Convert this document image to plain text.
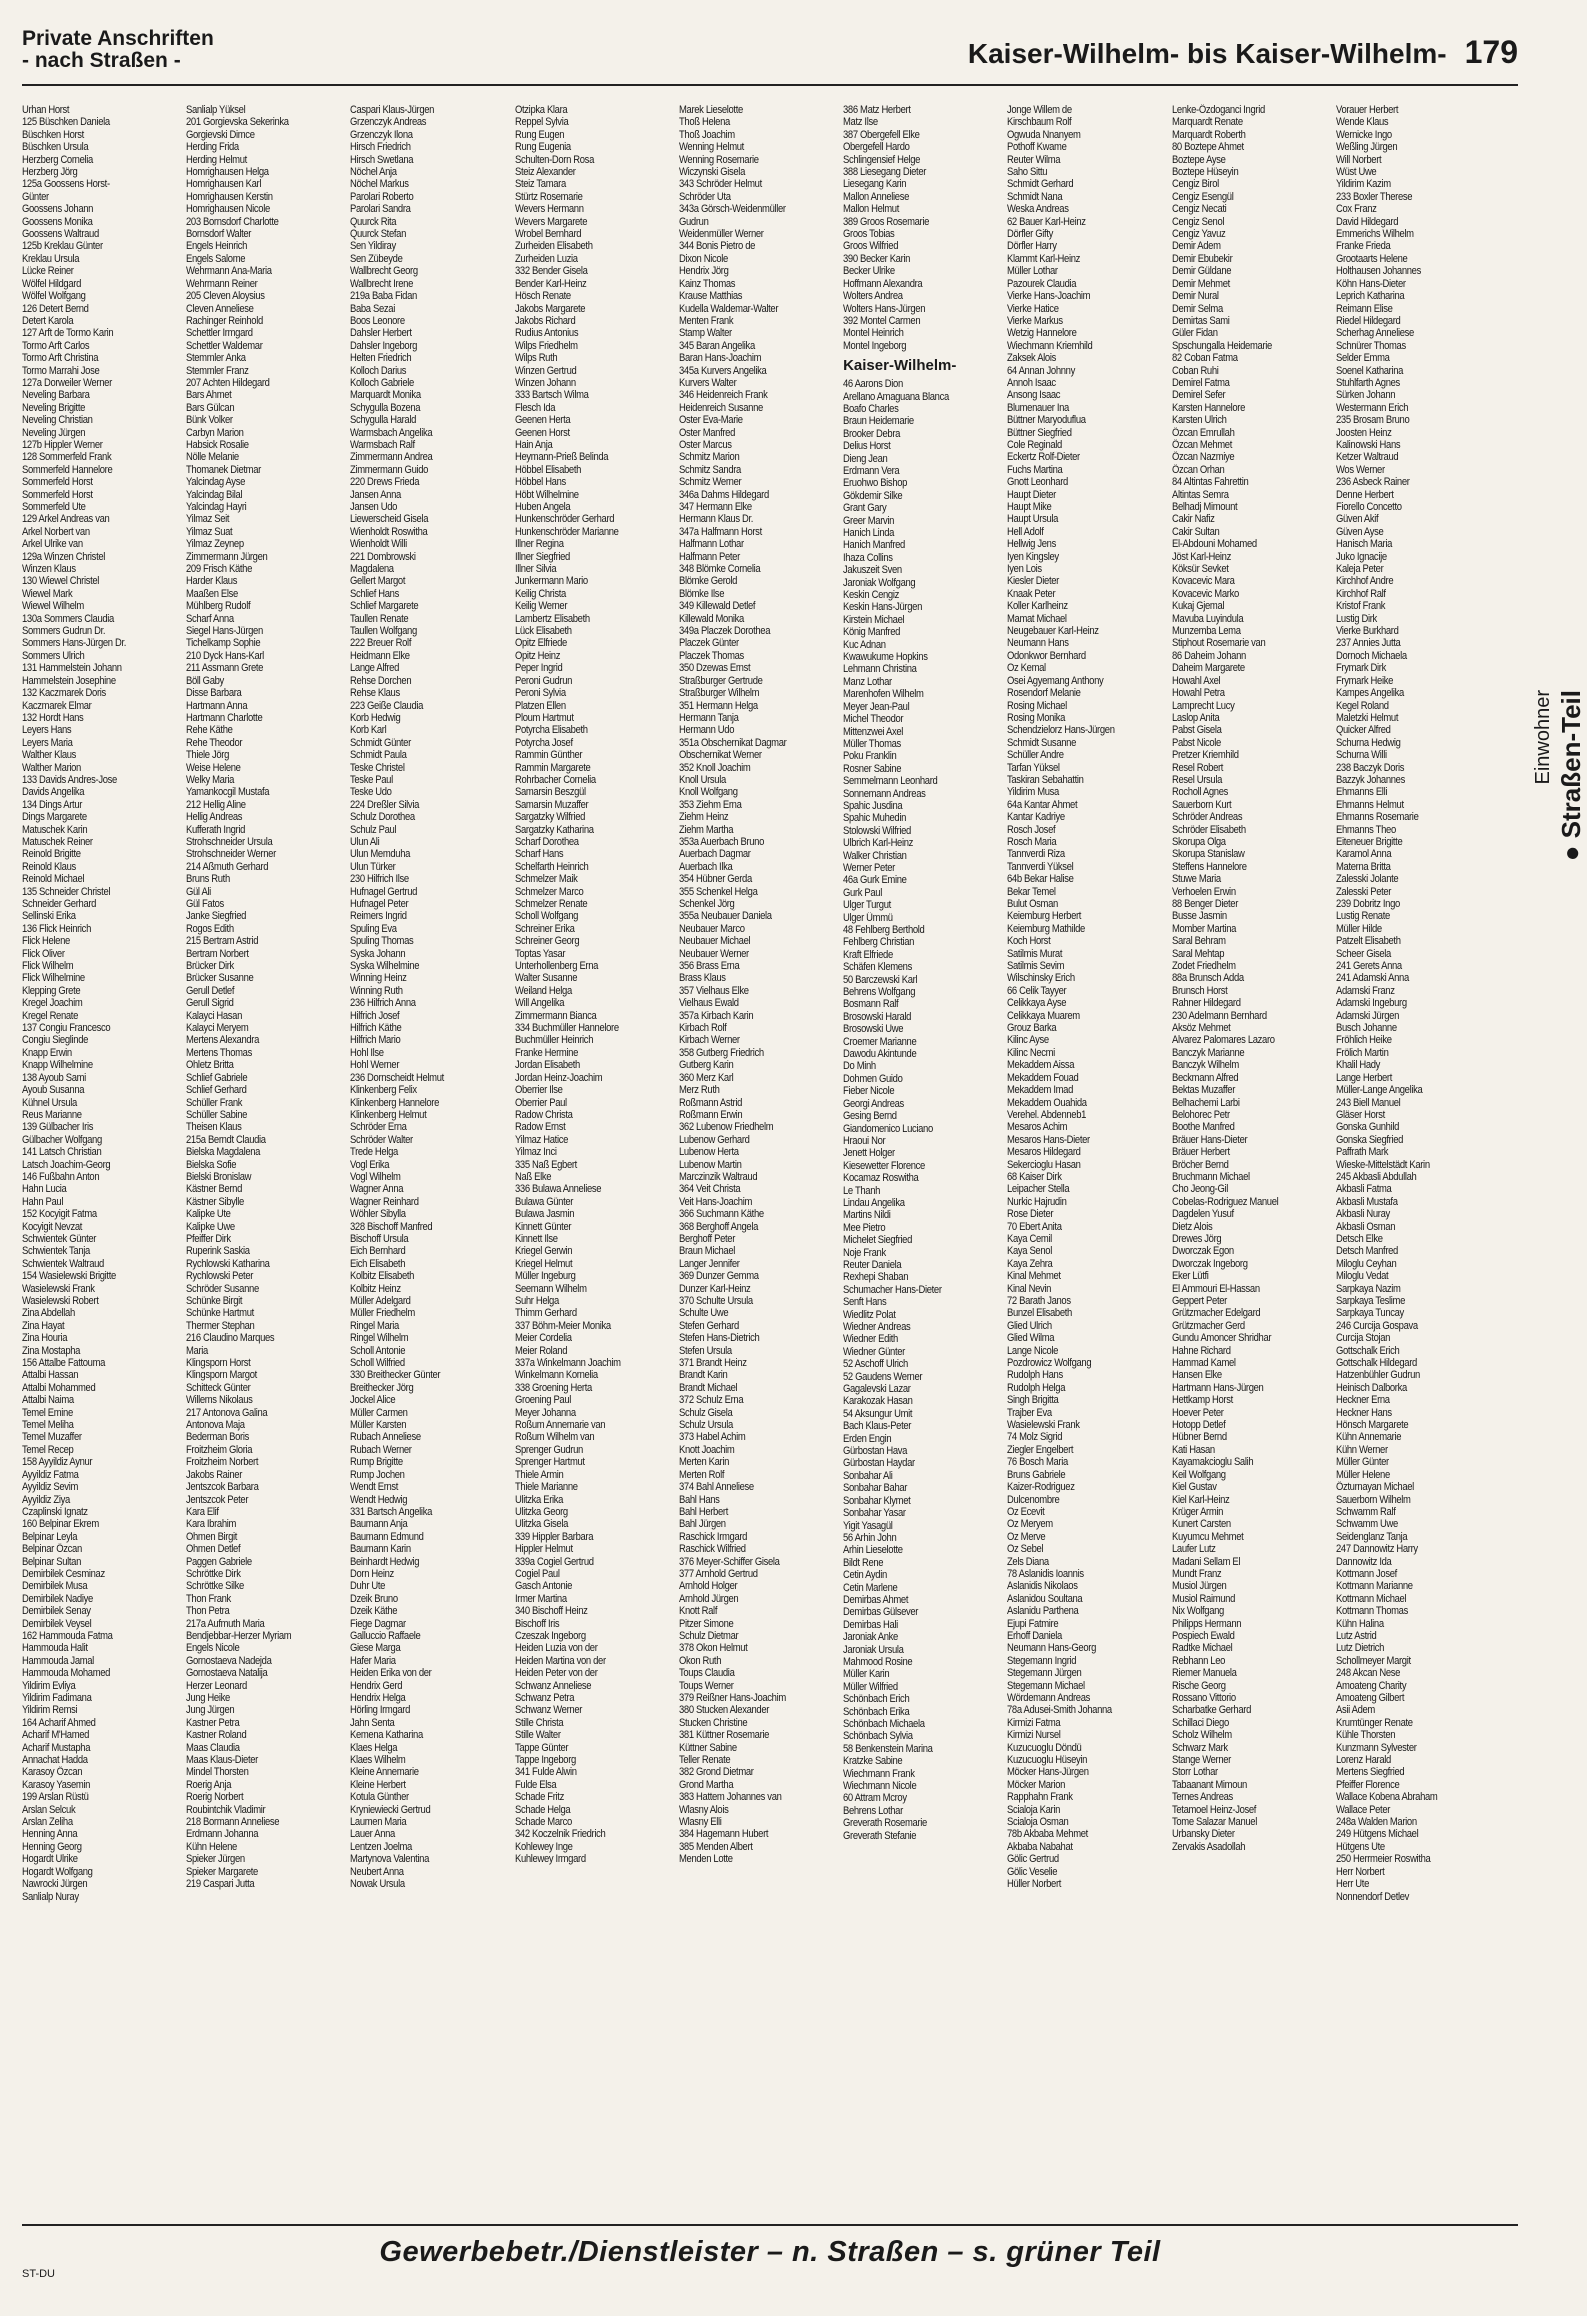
Private Anschriften
- nach Straßen -	Kaiser-Wilhelm- bis Kaiser-Wilhelm- 179
Urhan Horst
125 Büschken Daniela
Büschken Horst
Büschken Ursula
Herzberg Cornelia
Herzberg Jörg
125a Goossens Horst-
Günter
Goossens Johann
Goossens Monika
Goossens Waltraud
125b Kreklau Günter
Kreklau Ursula
Lücke Reiner
Wölfel Hildgard
Wölfel Wolfgang
126 Detert Bernd
Detert Karola
127 Arft de Tormo Karin
Tormo Arft Carlos
Tormo Arft Christina
Tormo Marrahi Jose
127a Dorweiler Werner
Neveling Barbara
Neveling Brigitte
Neveling Christian
Neveling Jürgen
127b Hippler Werner
128 Sommerfeld Frank
Sommerfeld Hannelore
Sommerfeld Horst
Sommerfeld Horst
Sommerfeld Ute
129 Arkel Andreas van
Arkel Norbert van
Arkel Ulrike van
129a Winzen Christel
Winzen Klaus
130 Wiewel Christel
Wiewel Mark
Wiewel Wilhelm
130a Sommers Claudia
Sommers Gudrun Dr.
Sommers Hans-Jürgen Dr.
Sommers Ulrich
131 Hammelstein Johann
Hammelstein Josephine
132 Kaczmarek Doris
Kaczmarek Elmar
132 Hordt Hans
Leyers Hans
Leyers Maria
Walther Klaus
Walther Marion
133 Davids Andres-Jose
Davids Angelika
134 Dings Artur
Dings Margarete
Matuschek Karin
Matuschek Reiner
Reinold Brigitte
Reinold Klaus
Reinold Michael
135 Schneider Christel
Schneider Gerhard
Sellinski Erika
136 Flick Heinrich
Flick Helene
Flick Oliver
Flick Wilhelm
Flick Wilhelmine
Klepping Grete
Kregel Joachim
Kregel Renate
137 Congiu Francesco
Congiu Sieglinde
Knapp Erwin
Knapp Wilhelmine
138 Ayoub Sami
Ayoub Susanna
Kühnel Ursula
Reus Marianne
139 Gülbacher Iris
Gülbacher Wolfgang
141 Latsch Christian
Latsch Joachim-Georg
146 Fußbahn Anton
Hahn Lucia
Hahn Paul
152 Kocyigit Fatma
Kocyigit Nevzat
Schwientek Günter
Schwientek Tanja
Schwientek Waltraud
154 Wasielewski Brigitte
Wasielewski Frank
Wasielewski Robert
Zina Abdellah
Zina Hayat
Zina Houria
Zina Mostapha
156 Attalbe Fattouma
Attalbi Hassan
Attalbi Mohammed
Attalbi Naima
Temel Emine
Temel Meliha
Temel Muzaffer
Temel Recep
158 Ayyildiz Aynur
Ayyildiz Fatma
Ayyildiz Sevim
Ayyildiz Ziya
Czaplinski Ignatz
160 Belpinar Ekrem
Belpinar Leyla
Belpinar Özcan
Belpinar Sultan
Demirbilek Cesminaz
Demirbilek Musa
Demirbilek Nadiye
Demirbilek Senay
Demirbilek Veysel
162 Hammouda Fatma
Hammouda Halit
Hammouda Jamal
Hammouda Mohamed
Yildirim Evliya
Yildirim Fadimana
Yildirim Remsi
164 Acharif Ahmed
Acharif M'Hamed
Acharif Mustapha
Annachat Hadda
Karasoy Özcan
Karasoy Yasemin
199 Arslan Rüstü
Arslan Selcuk
Arslan Zeliha
Henning Anna
Henning Georg
Hogardt Ulrike
Hogardt Wolfgang
Nawrocki Jürgen
Sanlialp Nuray
Sanlialp Yüksel
201 Gorgievska Sekerinka
Gorgievski Dimce
Herding Frida
Herding Helmut
Homrighausen Helga
Homrighausen Karl
Homrighausen Kerstin
Homrighausen Nicole
203 Bornsdorf Charlotte
Bornsdorf Walter
Engels Heinrich
Engels Salome
Wehrmann Ana-Maria
Wehrmann Reiner
205 Cleven Aloysius
Cleven Anneliese
Rachinger Reinhold
Schettler Irmgard
Schettler Waldemar
Stemmler Anka
Stemmler Franz
207 Achten Hildegard
Bars Ahmet
Bars Gülcan
Bünk Volker
Carbyn Marion
Habsick Rosalie
Nölle Melanie
Thomanek Dietmar
Yalcindag Ayse
Yalcindag Bilal
Yalcindag Hayri
Yilmaz Seit
Yilmaz Suat
Yilmaz Zeynep
Zimmermann Jürgen
209 Frisch Käthe
Harder Klaus
Maaßen Else
Mühlberg Rudolf
Scharf Anna
Siegel Hans-Jürgen
Tichelkamp Sophie
210 Dyck Hans-Karl
211 Assmann Grete
Böll Gaby
Disse Barbara
Hartmann Anna
Hartmann Charlotte
Rehe Käthe
Rehe Theodor
Thiele Jörg
Weise Helene
Welky Maria
Yamankocgil Mustafa
212 Hellig Aline
Hellig Andreas
Kufferath Ingrid
Strohschneider Ursula
Strohschneider Werner
214 Aßmuth Gerhard
Bruns Ruth
Gül Ali
Gül Fatos
Janke Siegfried
Rogos Edith
215 Bertram Astrid
Bertram Norbert
Brücker Dirk
Brücker Susanne
Gerull Detlef
Gerull Sigrid
Kalayci Hasan
Kalayci Meryem
Mertens Alexandra
Mertens Thomas
Ohletz Britta
Schlief Gabriele
Schlief Gerhard
Schüller Frank
Schüller Sabine
Theisen Klaus
215a Berndt Claudia
Bielska Magdalena
Bielska Sofie
Bielski Bronislaw
Kästner Bernd
Kästner Sibylle
Kalipke Ute
Kalipke Uwe
Pfeiffer Dirk
Ruperink Saskia
Rychlowski Katharina
Rychlowski Peter
Schröder Susanne
Schünke Birgit
Schünke Hartmut
Thermer Stephan
216 Claudino Marques
Maria
Klingsporn Horst
Klingsporn Margot
Schitteck Günter
Willems Nikolaus
217 Antonova Galina
Antonova Maja
Bederman Boris
Froitzheim Gloria
Froitzheim Norbert
Jakobs Rainer
Jentszcok Barbara
Jentszcok Peter
Kara Elif
Kara Ibrahim
Ohmen Birgit
Ohmen Detlef
Paggen Gabriele
Schröttke Dirk
Schröttke Silke
Thon Frank
Thon Petra
217a Aufmuth Maria
Bendjebbar-Herzer Myriam
Engels Nicole
Gornostaeva Nadejda
Gornostaeva Natalija
Herzer Leonard
Jung Heike
Jung Jürgen
Kastner Petra
Kastner Roland
Maas Claudia
Maas Klaus-Dieter
Mindel Thorsten
Roerig Anja
Roerig Norbert
Roubintchik Vladimir
218 Bormann Anneliese
Erdmann Johanna
Kühn Helene
Spieker Jürgen
Spieker Margarete
219 Caspari Jutta
Caspari Klaus-Jürgen
Grzenczyk Andreas
Grzenczyk Ilona
Hirsch Friedrich
Hirsch Swetlana
Nöchel Anja
Nöchel Markus
Parolari Roberto
Parolari Sandra
Quurck Rita
Quurck Stefan
Sen Yildiray
Sen Zübeyde
Wallbrecht Georg
Wallbrecht Irene
219a Baba Fidan
Baba Sezai
Boos Leonore
Dahsler Herbert
Dahsler Ingeborg
Helten Friedrich
Kolloch Darius
Kolloch Gabriele
Marquardt Monika
Schygulla Bozena
Schygulla Harald
Warmsbach Angelika
Warmsbach Ralf
Zimmermann Andrea
Zimmermann Guido
220 Drews Frieda
Jansen Anna
Jansen Udo
Liewerscheid Gisela
Wienholdt Roswitha
Wienholdt Willi
221 Dombrowski
Magdalena
Gellert Margot
Schlief Hans
Schlief Margarete
Taullen Renate
Taullen Wolfgang
222 Breuer Rolf
Heidmann Elke
Lange Alfred
Rehse Dorchen
Rehse Klaus
223 Geiße Claudia
Korb Hedwig
Korb Karl
Schmidt Günter
Schmidt Paula
Teske Christel
Teske Paul
Teske Udo
224 Dreßler Silvia
Schulz Dorothea
Schulz Paul
Ulun Ali
Ulun Memduha
Ulun Türker
230 Hilfrich Ilse
Hufnagel Gertrud
Hufnagel Peter
Reimers Ingrid
Spuling Eva
Spuling Thomas
Syska Johann
Syska Wilhelmine
Winning Heinz
Winning Ruth
236 Hilfrich Anna
Hilfrich Josef
Hilfrich Käthe
Hilfrich Mario
Hohl Ilse
Hohl Werner
236 Dornscheidt Helmut
Klinkenberg Felix
Klinkenberg Hannelore
Klinkenberg Helmut
Schröder Erna
Schröder Walter
Trede Helga
Vogl Erika
Vogl Wilhelm
Wagner Anna
Wagner Reinhard
Wöhler Sibylla
328 Bischoff Manfred
Bischoff Ursula
Eich Bernhard
Eich Elisabeth
Kolbitz Elisabeth
Kolbitz Heinz
Müller Adelgard
Müller Friedhelm
Ringel Maria
Ringel Wilhelm
Scholl Antonie
Scholl Wilfried
330 Breithecker Günter
Breithecker Jörg
Jockel Alice
Müller Carmen
Müller Karsten
Rubach Anneliese
Rubach Werner
Rump Brigitte
Rump Jochen
Wendt Ernst
Wendt Hedwig
331 Bartsch Angelika
Baumann Anja
Baumann Edmund
Baumann Karin
Beinhardt Hedwig
Dorn Heinz
Duhr Ute
Dzeik Bruno
Dzeik Käthe
Fiege Dagmar
Galluccio Raffaele
Giese Marga
Hafer Maria
Heiden Erika von der
Hendrix Gerd
Hendrix Helga
Hörling Irmgard
Jahn Senta
Kemena Katharina
Klaes Helga
Klaes Wilhelm
Kleine Annemarie
Kleine Herbert
Kotula Günther
Kryniewiecki Gertrud
Laumen Maria
Lauer Anna
Lentzen Joelma
Martynova Valentina
Neubert Anna
Nowak Ursula
Otzipka Klara
Reppel Sylvia
Rung Eugen
Rung Eugenia
Schulten-Dorn Rosa
Steiz Alexander
Steiz Tamara
Stürtz Rosemarie
Wevers Hermann
Wevers Margarete
Wrobel Bernhard
Zurheiden Elisabeth
Zurheiden Luzia
332 Bender Gisela
Bender Karl-Heinz
Hösch Renate
Jakobs Margarete
Jakobs Richard
Rudius Antonius
Wilps Friedhelm
Wilps Ruth
Winzen Gertrud
Winzen Johann
333 Bartsch Wilma
Flesch Ida
Geenen Herta
Geenen Horst
Hain Anja
Heymann-Prieß Belinda
Höbbel Elisabeth
Höbbel Hans
Höbt Wilhelmine
Huben Angela
Hunkenschröder Gerhard
Hunkenschröder Marianne
Illner Regina
Illner Siegfried
Illner Silvia
Junkermann Mario
Keilig Christa
Keilig Werner
Lambertz Elisabeth
Lück Elisabeth
Opitz Elfriede
Opitz Heinz
Peper Ingrid
Peroni Gudrun
Peroni Sylvia
Platzen Ellen
Ploum Hartmut
Potyrcha Elisabeth
Potyrcha Josef
Rammin Günther
Rammin Margarete
Rohrbacher Cornelia
Samarsin Beszgül
Samarsin Muzaffer
Sargatzky Wilfried
Sargatzky Katharina
Scharf Dorothea
Scharf Hans
Schelfarth Heinrich
Schmelzer Maik
Schmelzer Marco
Schmelzer Renate
Scholl Wolfgang
Schreiner Erika
Schreiner Georg
Toptas Yasar
Unterhollenberg Erna
Walter Susanne
Weiland Helga
Will Angelika
Zimmermann Bianca
334 Buchmüller Hannelore
Buchmüller Heinrich
Franke Hermine
Jordan Elisabeth
Jordan Heinz-Joachim
Oberrier Ilse
Oberrier Paul
Radow Christa
Radow Ernst
Yilmaz Hatice
Yilmaz Inci
335 Naß Egbert
Naß Elke
336 Bulawa Anneliese
Bulawa Günter
Bulawa Jasmin
Kinnett Günter
Kinnett Ilse
Kriegel Gerwin
Kriegel Helmut
Müller Ingeburg
Seemann Wilhelm
Suhr Helga
Thimm Gerhard
337 Böhm-Meier Monika
Meier Cordelia
Meier Roland
337a Winkelmann Joachim
Winkelmann Kornelia
338 Groening Herta
Groening Paul
Meyer Johanna
Roßum Annemarie van
Roßum Wilhelm van
Sprenger Gudrun
Sprenger Hartmut
Thiele Armin
Thiele Marianne
Ulitzka Erika
Ulitzka Georg
Ulitzka Gisela
339 Hippler Barbara
Hippler Helmut
339a Cogiel Gertrud
Cogiel Paul
Gasch Antonie
Irmer Martina
340 Bischoff Heinz
Bischoff Iris
Czeszak Ingeborg
Heiden Luzia von der
Heiden Martina von der
Heiden Peter von der
Schwanz Anneliese
Schwanz Petra
Schwanz Werner
Stille Christa
Stille Walter
Tappe Günter
Tappe Ingeborg
341 Fulde Alwin
Fulde Elsa
Schade Fritz
Schade Helga
Schade Marco
342 Koczelnik Friedrich
Kohlewey Inge
Kuhlewey Irmgard
Marek Lieselotte
Thoß Helena
Thoß Joachim
Wenning Helmut
Wenning Rosemarie
Wiczynski Gisela
343 Schröder Helmut
Schröder Uta
343a Görsch-Weidenmüller
Gudrun
Weidenmüller Werner
344 Bonis Pietro de
Dixon Nicole
Hendrix Jörg
Kainz Thomas
Krause Matthias
Kudella Waldemar-Walter
Menten Frank
Stamp Walter
345 Baran Angelika
Baran Hans-Joachim
345a Kurvers Angelika
Kurvers Walter
346 Heidenreich Frank
Heidenreich Susanne
Oster Eva-Marie
Oster Manfred
Oster Marcus
Schmitz Marion
Schmitz Sandra
Schmitz Werner
346a Dahms Hildegard
347 Hermann Elke
Hermann Klaus Dr.
347a Halfmann Horst
Halfmann Lothar
Halfmann Peter
348 Blömke Cornelia
Blömke Gerold
Blömke Ilse
349 Killewald Detlef
Killewald Monika
349a Placzek Dorothea
Placzek Günter
Placzek Thomas
350 Dzewas Ernst
Straßburger Gertrude
Straßburger Wilhelm
351 Hermann Helga
Hermann Tanja
Hermann Udo
351a Obschernikat Dagmar
Obschernikat Werner
352 Knoll Joachim
Knoll Ursula
Knoll Wolfgang
353 Ziehm Erna
Ziehm Heinz
Ziehm Martha
353a Auerbach Bruno
Auerbach Dagmar
Auerbach Ilka
354 Hübner Gerda
355 Schenkel Helga
Schenkel Jörg
355a Neubauer Daniela
Neubauer Marco
Neubauer Michael
Neubauer Werner
356 Brass Erna
Brass Klaus
357 Vielhaus Elke
Vielhaus Ewald
357a Kirbach Karin
Kirbach Rolf
Kirbach Werner
358 Gutberg Friedrich
Gutberg Karin
360 Merz Karl
Merz Ruth
Roßmann Astrid
Roßmann Erwin
362 Lubenow Friedhelm
Lubenow Gerhard
Lubenow Herta
Lubenow Martin
Marczinzik Waltraud
364 Veit Christa
Veit Hans-Joachim
366 Suchmann Käthe
368 Berghoff Angela
Berghoff Peter
Braun Michael
Langer Jennifer
369 Dunzer Gemma
Dunzer Karl-Heinz
370 Schulte Ursula
Schulte Uwe
Stefen Gerhard
Stefen Hans-Dietrich
Stefen Ursula
371 Brandt Heinz
Brandt Karin
Brandt Michael
372 Schulz Erna
Schulz Gisela
Schulz Ursula
373 Habel Achim
Knott Joachim
Merten Karin
Merten Rolf
374 Bahl Anneliese
Bahl Hans
Bahl Herbert
Bahl Jürgen
Raschick Irmgard
Raschick Wilfried
376 Meyer-Schiffer Gisela
377 Arnhold Gertrud
Arnhold Holger
Arnhold Jürgen
Knott Ralf
Pitzer Simone
Schulz Dietmar
378 Okon Helmut
Okon Ruth
Toups Claudia
Toups Werner
379 Reißner Hans-Joachim
380 Stucken Alexander
Stucken Christine
381 Küttner Rosemarie
Küttner Sabine
Teller Renate
382 Grond Dietmar
Grond Martha
383 Hattem Johannes van
Wlasny Alois
Wlasny Elli
384 Hagemann Hubert
385 Menden Albert
Menden Lotte
386 Matz Herbert
Matz Ilse
387 Obergefell Elke
Obergefell Hardo
Schlingensief Helge
388 Liesegang Dieter
Liesegang Karin
Mallon Anneliese
Mallon Helmut
389 Groos Rosemarie
Groos Tobias
Groos Wilfried
390 Becker Karin
Becker Ulrike
Hoffmann Alexandra
Wolters Andrea
Wolters Hans-Jürgen
392 Montel Carmen
Montel Heinrich
Montel Ingeborg
Kaiser-Wilhelm-
46 Aarons Dion
Arellano Amaguana Blanca
Boafo Charles
Braun Heidemarie
Brooker Debra
Delius Horst
Dieng Jean
Erdmann Vera
Eruohwo Bishop
Gökdemir Silke
Grant Gary
Greer Marvin
Hanich Linda
Hanich Manfred
Ihaza Collins
Jakuszeit Sven
Jaroniak Wolfgang
Keskin Cengiz
Keskin Hans-Jürgen
Kirstein Michael
König Manfred
Kuc Adnan
Kwawukume Hopkins
Lehmann Christina
Manz Lothar
Marenhofen Wilhelm
Meyer Jean-Paul
Michel Theodor
Mittenzwei Axel
Müller Thomas
Poku Franklin
Rosner Sabine
Semmelmann Leonhard
Sonnemann Andreas
Spahic Jusdina
Spahic Muhedin
Stolowski Wilfried
Ulbrich Karl-Heinz
Walker Christian
Werner Peter
46a Gurk Emine
Gurk Paul
Ulger Turgut
Ulger Ümmü
48 Fehlberg Berthold
Fehlberg Christian
Kraft Elfriede
Schäfen Klemens
50 Barczewski Karl
Behrens Wolfgang
Bosmann Ralf
Brosowski Harald
Brosowski Uwe
Croemer Marianne
Dawodu Akintunde
Do Minh
Dohmen Guido
Fieber Nicole
Georgi Andreas
Gesing Bernd
Giandomenico Luciano
Hraoui Nor
Jenett Holger
Kiesewetter Florence
Kocamaz Roswitha
Le Thanh
Lindau Angelika
Martins Nildi
Mee Pietro
Michelet Siegfried
Noje Frank
Reuter Daniela
Rexhepi Shaban
Schumacher Hans-Dieter
Senft Hans
Wiedlitz Polat
Wiedner Andreas
Wiedner Edith
Wiedner Günter
52 Aschoff Ulrich
52 Gaudens Werner
Gagalevski Lazar
Karakozak Hasan
54 Aksungur Umit
Bach Klaus-Peter
Erden Engin
Gürbostan Hava
Gürbostan Haydar
Sonbahar Ali
Sonbahar Bahar
Sonbahar Klymet
Sonbahar Yasar
Yigit Yasagül
56 Arhin John
Arhin Lieselotte
Bildt Rene
Cetin Aydin
Cetin Marlene
Demirbas Ahmet
Demirbas Gülsever
Demirbas Hali
Jaroniak Anke
Jaroniak Ursula
Mahmood Rosine
Müller Karin
Müller Wilfried
Schönbach Erich
Schönbach Erika
Schönbach Michaela
Schönbach Sylvia
58 Benkenstein Marina
Kratzke Sabine
Wiechmann Frank
Wiechmann Nicole
60 Attram Mcroy
Behrens Lothar
Greverath Rosemarie
Greverath Stefanie
Jonge Willem de
Kirschbaum Rolf
Ogwuda Nnanyem
Pothoff Kwame
Reuter Wilma
Saho Sittu
Schmidt Gerhard
Schmidt Nana
Weska Andreas
62 Bauer Karl-Heinz
Dörfler Gifty
Dörfler Harry
Klammt Karl-Heinz
Müller Lothar
Pazourek Claudia
Vierke Hans-Joachim
Vierke Hatice
Vierke Markus
Wetzig Hannelore
Wiechmann Kriemhild
Zaksek Alois
64 Annan Johnny
Annoh Isaac
Ansong Isaac
Blumenauer Ina
Büttner Maryoduflua
Büttner Siegfried
Cole Reginald
Eckertz Rolf-Dieter
Fuchs Martina
Gnott Leonhard
Haupt Dieter
Haupt Mike
Haupt Ursula
Hell Adolf
Hellwig Jens
Iyen Kingsley
Iyen Lois
Kiesler Dieter
Knaak Peter
Koller Karlheinz
Mamat Michael
Neugebauer Karl-Heinz
Neumann Hans
Odonkwor Bernhard
Oz Kemal
Osei Agyemang Anthony
Rosendorf Melanie
Rosing Michael
Rosing Monika
Schendzielorz Hans-Jürgen
Schmidt Susanne
Schüller Andre
Tarfan Yüksel
Taskiran Sebahattin
Yildirim Musa
64a Kantar Ahmet
Kantar Kadriye
Rosch Josef
Rosch Maria
Tannverdi Riza
Tannverdi Yüksel
64b Bekar Halise
Bekar Temel
Bulut Osman
Keiemburg Herbert
Keiemburg Mathilde
Koch Horst
Satilmis Murat
Satilmis Sevim
Wilschinsky Erich
66 Celik Tayyer
Celikkaya Ayse
Celikkaya Muarem
Grouz Barka
Kilinc Ayse
Kilinc Necmi
Mekaddem Aissa
Mekaddem Fouad
Mekaddem Imad
Mekaddem Ouahida
Verehel. Abdenneb1
Mesaros Achim
Mesaros Hans-Dieter
Mesaros Hildegard
Sekercioglu Hasan
68 Kaiser Dirk
Leipacher Stella
Nurkic Hajrudin
Rose Dieter
70 Ebert Anita
Kaya Cemil
Kaya Senol
Kaya Zehra
Kinal Mehmet
Kinal Nevin
72 Barath Janos
Bunzel Elisabeth
Glied Ulrich
Glied Wilma
Lange Nicole
Pozdrowicz Wolfgang
Rudolph Hans
Rudolph Helga
Singh Brigitta
Trajber Eva
Wasielewski Frank
74 Molz Sigrid
Ziegler Engelbert
76 Bosch Maria
Bruns Gabriele
Kaizer-Rodriguez
Dulcenombre
Oz Ecevit
Oz Meryem
Oz Merve
Oz Sebel
Zels Diana
78 Aslanidis Ioannis
Aslanidis Nikolaos
Aslanidou Soultana
Aslanidu Parthena
Ejupi Fatmire
Erhoff Daniela
Neumann Hans-Georg
Stegemann Ingrid
Stegemann Jürgen
Stegemann Michael
Wördemann Andreas
78a Adusei-Smith Johanna
Kirmizi Fatma
Kirmizi Nursel
Kuzucuoglu Döndü
Kuzucuoglu Hüseyin
Möcker Hans-Jürgen
Möcker Marion
Rapphahn Frank
Scialoja Karin
Scialoja Osman
78b Akbaba Mehmet
Akbaba Nabahat
Gölic Gertrud
Gölic Veselie
Hüller Norbert
Lenke-Özdoganci Ingrid
Marquardt Renate
Marquardt Roberth
80 Boztepe Ahmet
Boztepe Ayse
Boztepe Hüseyin
Cengiz Birol
Cengiz Esengül
Cengiz Necati
Cengiz Senol
Cengiz Yavuz
Demir Adem
Demir Ebubekir
Demir Güldane
Demir Mehmet
Demir Nural
Demir Selma
Demirtas Sami
Güler Fidan
Spschungalla Heidemarie
82 Coban Fatma
Coban Ruhi
Demirel Fatma
Demirel Sefer
Karsten Hannelore
Karsten Ulrich
Özcan Emrullah
Özcan Mehmet
Özcan Nazmiye
Özcan Orhan
84 Altintas Fahrettin
Altintas Semra
Belhadj Mimount
Cakir Nafiz
Cakir Sultan
El-Abdouni Mohamed
Jöst Karl-Heinz
Köksür Sevket
Kovacevic Mara
Kovacevic Marko
Kukaj Gjemal
Mavuba Luyindula
Munzemba Lema
Stiphout Rosemarie van
86 Daheim Johann
Daheim Margarete
Howahl Axel
Howahl Petra
Lamprecht Lucy
Laslop Anita
Pabst Gisela
Pabst Nicole
Pretzer Kriemhild
Resel Robert
Resel Ursula
Rocholl Agnes
Sauerborn Kurt
Schröder Andreas
Schröder Elisabeth
Skorupa Olga
Skorupa Stanislaw
Steffens Hannelore
Stuwe Maria
Verhoelen Erwin
88 Benger Dieter
Busse Jasmin
Momber Martina
Saral Behram
Saral Mehtap
Zodet Friedhelm
88a Brunsch Adda
Brunsch Horst
Rahner Hildegard
230 Adelmann Bernhard
Aksöz Mehmet
Alvarez Palomares Lazaro
Banczyk Marianne
Banczyk Wilhelm
Beckmann Alfred
Bektas Muzaffer
Belhachemi Larbi
Belohorec Petr
Boothe Manfred
Bräuer Hans-Dieter
Bräuer Herbert
Bröcher Bernd
Bruchmann Michael
Cho Jeong-Gil
Cobelas-Rodriguez Manuel
Dagdelen Yusuf
Dietz Alois
Drewes Jörg
Dworczak Egon
Dworczak Ingeborg
Eker Lütfi
El Ammouri El-Hassan
Geppert Peter
Grützmacher Edelgard
Grützmacher Gerd
Gundu Amoncer Shridhar
Hahne Richard
Hammad Kamel
Hansen Elke
Hartmann Hans-Jürgen
Hettkamp Horst
Hoever Peter
Hotopp Detlef
Hübner Bernd
Kati Hasan
Kayamakcioglu Salih
Keil Wolfgang
Kiel Gustav
Kiel Karl-Heinz
Krüger Armin
Kunert Carsten
Kuyumcu Mehmet
Laufer Lutz
Madani Sellam El
Mundt Franz
Musiol Jürgen
Musiol Raimund
Nix Wolfgang
Philipps Hermann
Pospiech Ewald
Radtke Michael
Rebhann Leo
Riemer Manuela
Rische Georg
Rossano Vittorio
Scharbatke Gerhard
Schillaci Diego
Scholz Wilhelm
Schwarz Mark
Stange Werner
Storr Lothar
Tabaanant Mimoun
Ternes Andreas
Tetamoel Heinz-Josef
Tome Salazar Manuel
Urbansky Dieter
Zervakis Asadollah
Vorauer Herbert
Wende Klaus
Wernicke Ingo
Weßling Jürgen
Will Norbert
Wüst Uwe
Yildirim Kazim
233 Boxler Therese
Cox Franz
David Hildegard
Emmerichs Wilhelm
Franke Frieda
Grootaarts Helene
Holthausen Johannes
Köhn Hans-Dieter
Leprich Katharina
Reimann Elise
Riedel Hildegard
Scherhag Anneliese
Schnürer Thomas
Selder Emma
Soenel Katharina
Stuhlfarth Agnes
Sürken Johann
Westermann Erich
235 Brosam Bruno
Joosten Heinz
Kalinowski Hans
Ketzer Waltraud
Wos Werner
236 Asbeck Rainer
Denne Herbert
Fiorello Concetto
Güven Akif
Güven Ayse
Hanisch Maria
Juko Ignacije
Kaleja Peter
Kirchhof Andre
Kirchhof Ralf
Kristof Frank
Lustig Dirk
Vierke Burkhard
237 Annies Jutta
Dornoch Michaela
Frymark Dirk
Frymark Heike
Kampes Angelika
Kegel Roland
Maletzki Helmut
Quicker Alfred
Schurna Hedwig
Schurna Willi
238 Baczyk Doris
Bazzyk Johannes
Ehmanns Elli
Ehmanns Helmut
Ehmanns Rosemarie
Ehmanns Theo
Eiteneuer Brigitte
Karamol Anna
Materna Britta
Zalesski Jolante
Zalesski Peter
239 Dobritz Ingo
Lustig Renate
Müller Hilde
Patzelt Elisabeth
Scheer Gisela
241 Gerets Anna
241 Adamski Anna
Adamski Franz
Adamski Ingeburg
Adamski Jürgen
Busch Johanne
Fröhlich Heike
Frölich Martin
Khalil Hady
Lange Herbert
Müller-Lange Angelika
243 Biell Manuel
Gläser Horst
Gonska Gunhild
Gonska Siegfried
Paffrath Mark
Wieske-Mittelstädt Karin
245 Akbasli Abdullah
Akbasli Fatma
Akbasli Mustafa
Akbasli Nuray
Akbasli Osman
Detsch Elke
Detsch Manfred
Miloglu Ceyhan
Miloglu Vedat
Sarpkaya Nazim
Sarpkaya Teslime
Sarpkaya Tuncay
246 Curcija Gospava
Curcija Stojan
Gottschalk Erich
Gottschalk Hildegard
Hatzenbühler Gudrun
Heinisch Dalborka
Heckner Erna
Heckner Hans
Hönsch Margarete
Kühn Annemarie
Kühn Werner
Müller Günter
Müller Helene
Özturnayan Michael
Sauerborn Wilhelm
Schwamm Ralf
Schwamm Uwe
Seidenglanz Tanja
247 Dannowitz Harry
Dannowitz Ida
Kottmann Josef
Kottmann Marianne
Kottmann Michael
Kottmann Thomas
Kühn Halina
Lutz Astrid
Lutz Dietrich
Schollmeyer Margit
248 Akcan Nese
Amoateng Charity
Amoateng Gilbert
Asii Adem
Krumtünger Renate
Kühle Thorsten
Kunzmann Sylvester
Lorenz Harald
Mertens Siegfried
Pfeiffer Florence
Wallace Kobena Abraham
Wallace Peter
248a Walden Marion
249 Hütgens Michael
Hütgens Ute
250 Herrmeier Roswitha
Herr Norbert
Herr Ute
Nonnendorf Detlev
Einwohner ● Straßen-Teil
Gewerbebetr./Dienstleister – n. Straßen – s. grüner Teil
ST-DU
